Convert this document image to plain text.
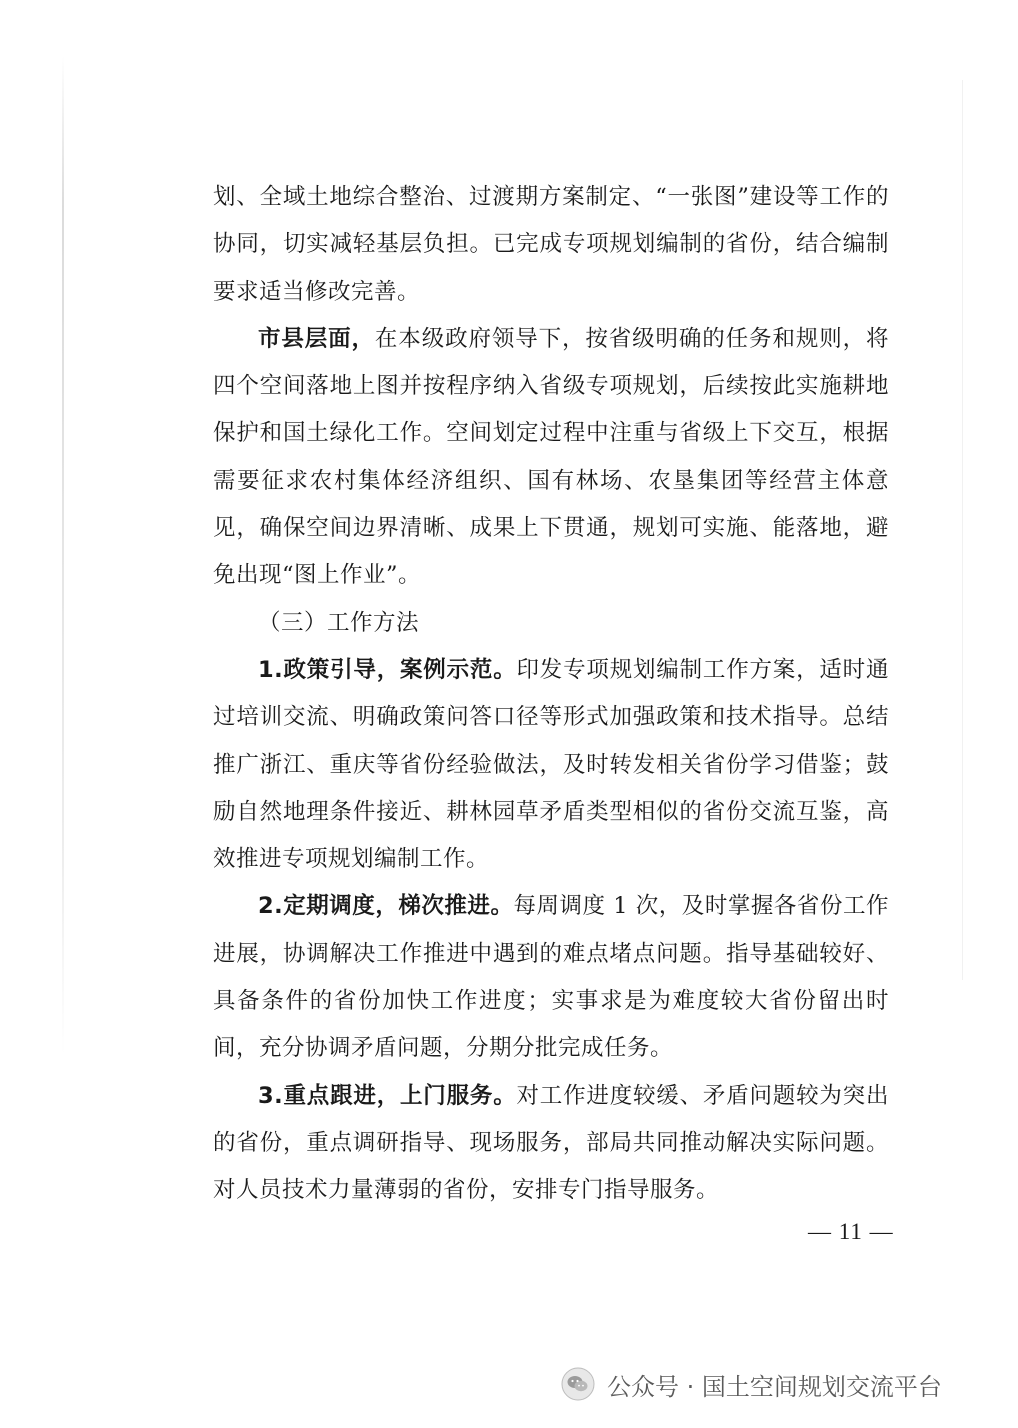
划、全域土地综合整治、过渡期方案制定、“一张图”建设等工作的协同，切实减轻基层负担。已完成专项规划编制的省份，结合编制要求适当修改完善。

市县层面，在本级政府领导下，按省级明确的任务和规则，将四个空间落地上图并按程序纳入省级专项规划，后续按此实施耕地保护和国土绿化工作。空间划定过程中注重与省级上下交互，根据需要征求农村集体经济组织、国有林场、农垦集团等经营主体意见，确保空间边界清晰、成果上下贯通，规划可实施、能落地，避免出现“图上作业”。

（三）工作方法

1.政策引导，案例示范。印发专项规划编制工作方案，适时通过培训交流、明确政策问答口径等形式加强政策和技术指导。总结推广浙江、重庆等省份经验做法，及时转发相关省份学习借鉴；鼓励自然地理条件接近、耕林园草矛盾类型相似的省份交流互鉴，高效推进专项规划编制工作。

2.定期调度，梯次推进。每周调度 1 次，及时掌握各省份工作进展，协调解决工作推进中遇到的难点堵点问题。指导基础较好、具备条件的省份加快工作进度；实事求是为难度较大省份留出时间，充分协调矛盾问题，分期分批完成任务。

3.重点跟进，上门服务。对工作进度较缓、矛盾问题较为突出的省份，重点调研指导、现场服务，部局共同推动解决实际问题。对人员技术力量薄弱的省份，安排专门指导服务。

— 11 —
公众号 · 国土空间规划交流平台
